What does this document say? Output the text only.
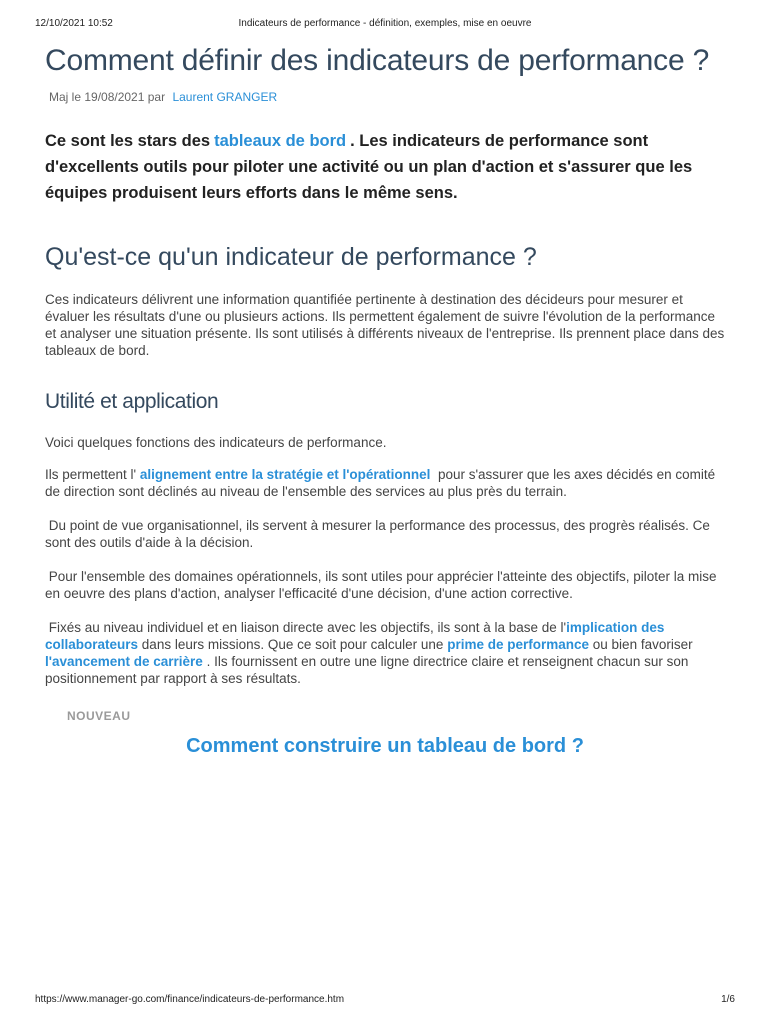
12/10/2021 10:52	Indicateurs de performance - définition, exemples, mise en oeuvre
Comment définir des indicateurs de performance ?
Maj le 19/08/2021 par Laurent GRANGER
Ce sont les stars des tableaux de bord . Les indicateurs de performance sont d'excellents outils pour piloter une activité ou un plan d'action et s'assurer que les équipes produisent leurs efforts dans le même sens.
Qu'est-ce qu'un indicateur de performance ?

Ces indicateurs délivrent une information quantifiée pertinente à destination des décideurs pour mesurer et évaluer les résultats d'une ou plusieurs actions. Ils permettent également de suivre l'évolution de la performance et analyser une situation présente. Ils sont utilisés à différents niveaux de l'entreprise. Ils prennent place dans des tableaux de bord.

Utilité et application

Voici quelques fonctions des indicateurs de performance.

Ils permettent l' alignement entre la stratégie et l'opérationnel pour s'assurer que les axes décidés en comité de direction sont déclinés au niveau de l'ensemble des services au plus près du terrain.

Du point de vue organisationnel, ils servent à mesurer la performance des processus, des progrès réalisés. Ce sont des outils d'aide à la décision.

Pour l'ensemble des domaines opérationnels, ils sont utiles pour apprécier l'atteinte des objectifs, piloter la mise en oeuvre des plans d'action, analyser l'efficacité d'une décision, d'une action corrective.

Fixés au niveau individuel et en liaison directe avec les objectifs, ils sont à la base de l'implication des collaborateurs dans leurs missions. Que ce soit pour calculer une prime de performance ou bien favoriser l'avancement de carrière . Ils fournissent en outre une ligne directrice claire et renseignent chacun sur son positionnement par rapport à ses résultats.

NOUVEAU
Comment construire un tableau de bord ?
https://www.manager-go.com/finance/indicateurs-de-performance.htm	1/6
